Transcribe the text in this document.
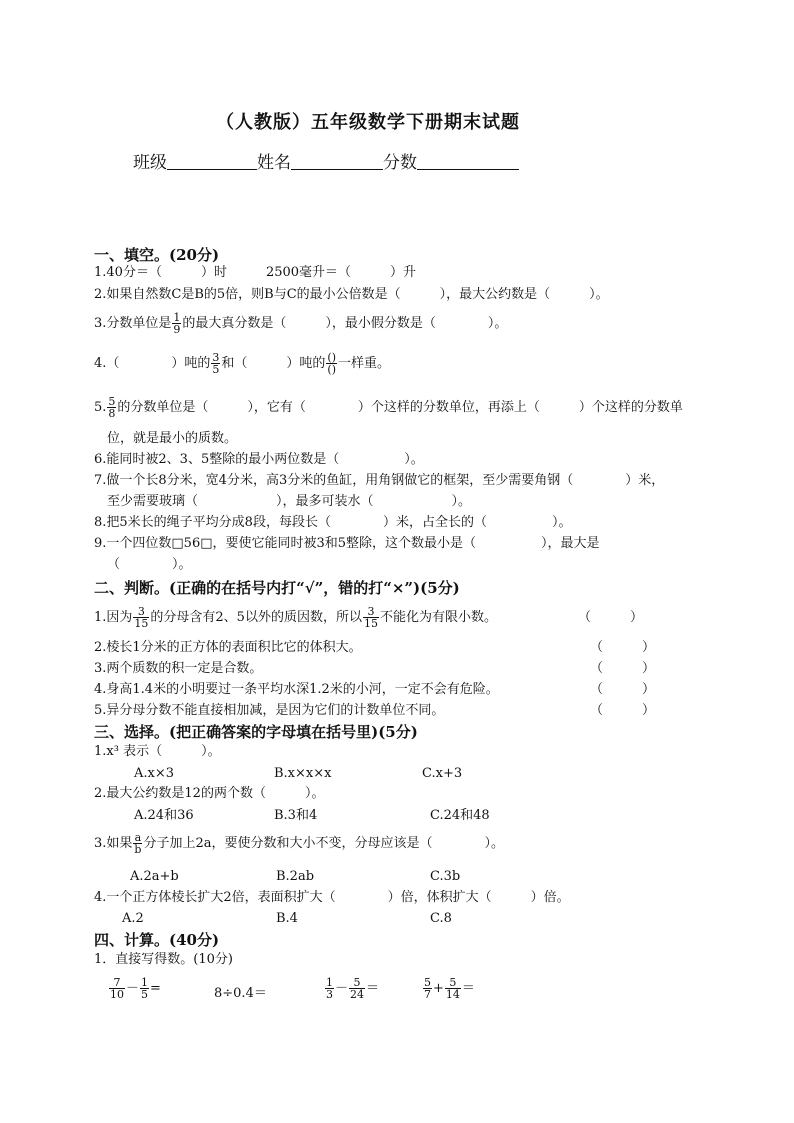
（人教版）五年级数学下册期末试题
班级	姓名	分数
一、填空。(20分)
1.40分＝（　　　）时　　　2500毫升＝（　　　）升
2.如果自然数C是B的5倍，则B与C的最小公倍数是（　　　），最大公约数是（　　　）。
3.分数单位是 $\frac{1}{9}$ 的最大真分数是（　　　），最小假分数是（　　　　）。
4.（　　　　）吨的 $\frac{3}{5}$ 和（　　　）吨的 $\frac{()}{()}$ 一样重。
5. $\frac{5}{8}$ 的分数单位是（　　　），它有（　　　　）个这样的分数单位，再添上（　　　）个这样的分数单
位，就是最小的质数。
6.能同时被2、3、5整除的最小两位数是（　　　　　）。
7.做一个长8分米，宽4分米，高3分米的鱼缸，用角钢做它的框架，至少需要角钢（　　　　）米，
至少需要玻璃（　　　　　　），最多可装水（　　　　　　）。
8.把5米长的绳子平均分成8段，每段长（　　　　）米，占全长的（　　　　　）。
9.一个四位数□56□，要使它能同时被3和5整除，这个数最小是（　　　　　），最大是
（　　　　）。
二、判断。(正确的在括号内打“√”，错的打“×”)(5分)
1.因为 $\frac{3}{15}$ 的分母含有2、5以外的质因数，所以 $\frac{3}{15}$ 不能化为有限小数。	（　　　）
2.棱长1分米的正方体的表面积比它的体积大。	（　　　）
3.两个质数的积一定是合数。	（　　　）
4.身高1.4米的小明要过一条平均水深1.2米的小河，一定不会有危险。	（　　　）
5.异分母分数不能直接相加减，是因为它们的计数单位不同。	（　　　）
三、选择。(把正确答案的字母填在括号里)(5分)
1.x³ 表示（　　　）。
A.x×3	B.x×x×x	C.x+3
2.最大公约数是12的两个数（　　　）。
A.24和36	B.3和4	C.24和48
3.如果 $\frac{a}{b}$ 分子加上2a，要使分数和大小不变，分母应该是（　　　　）。
A.2a+b	B.2ab	C.3b
4.一个正方体棱长扩大2倍，表面积扩大（　　　　）倍，体积扩大（　　　）倍。
A.2	B.4	C.8
四、计算。(40分)
1．直接写得数。(10分)
$\frac{7}{10} - \frac{1}{5}$ =	8÷0.4＝	$\frac{1}{3} - \frac{5}{24}$ ＝	$\frac{5}{7} + \frac{5}{14}$ ＝
